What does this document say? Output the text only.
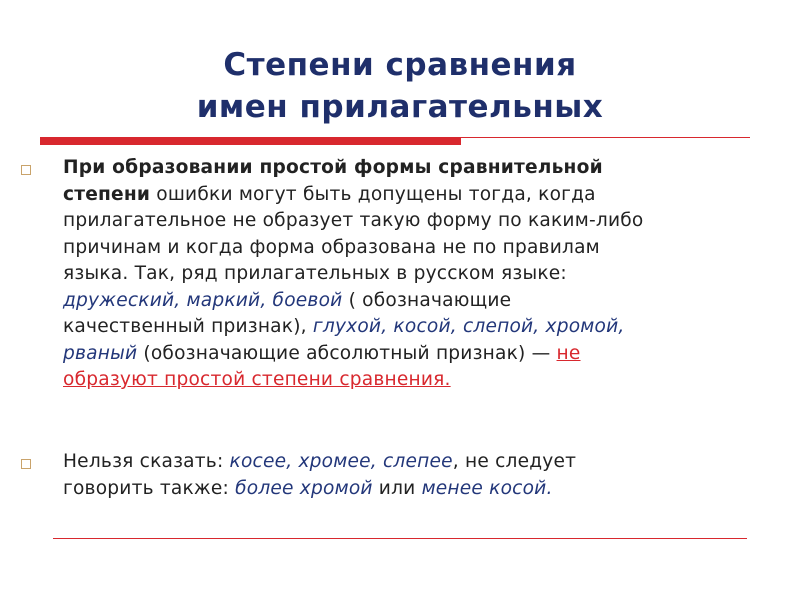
Степени сравнения
имен прилагательных
При образовании простой формы сравнительной
степени ошибки могут быть допущены тогда, когда
прилагательное не образует такую форму по каким-либо
причинам и когда форма образована не по правилам
языка. Так, ряд прилагательных в русском языке:
дружеский, маркий, боевой ( обозначающие
качественный признак), глухой, косой, слепой, хромой,
рваный (обозначающие абсолютный признак) — не
образуют простой степени сравнения.
Нельзя сказать: косее, хромее, слепее, не следует
говорить также: более хромой или менее косой.
